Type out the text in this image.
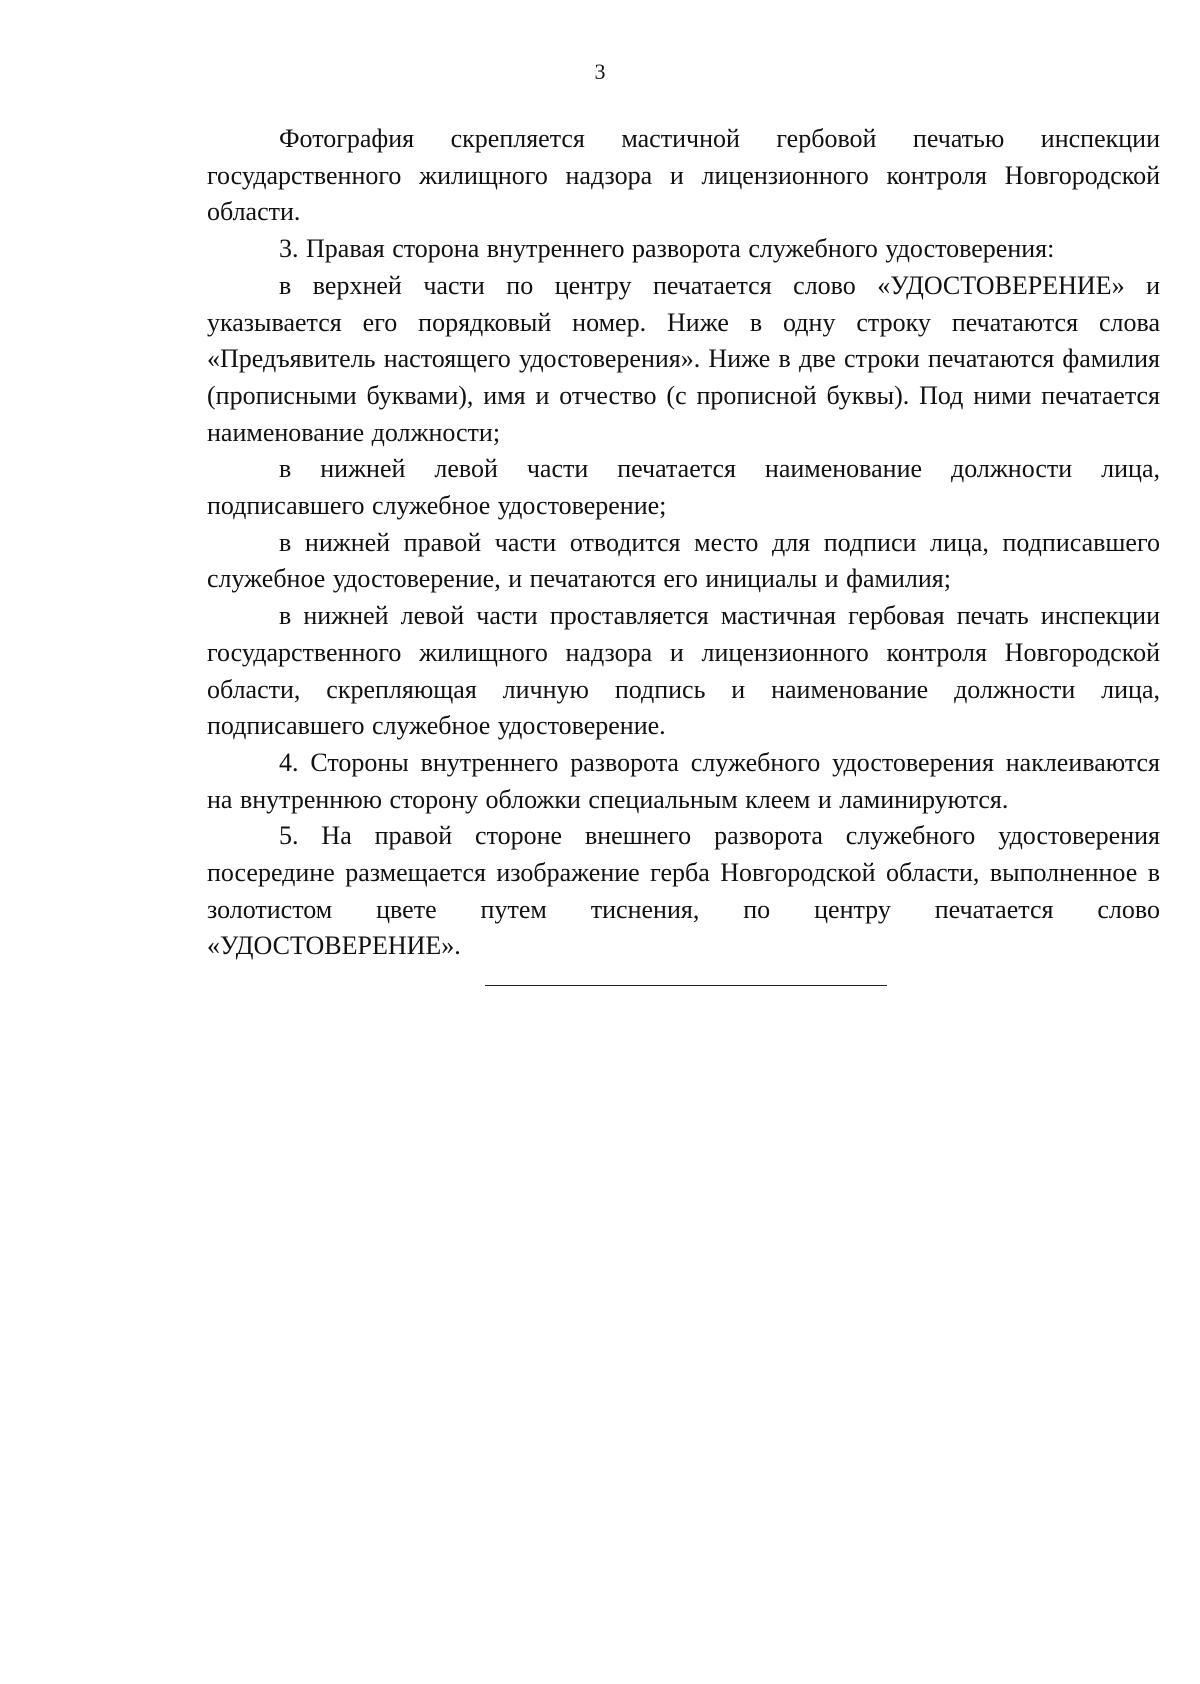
3

Фотография скрепляется мастичной гербовой печатью инспекции государственного жилищного надзора и лицензионного контроля Новгородской области.

3. Правая сторона внутреннего разворота служебного удостоверения:

в верхней части по центру печатается слово «УДОСТОВЕРЕНИЕ» и указывается его порядковый номер. Ниже в одну строку печатаются слова «Предъявитель настоящего удостоверения». Ниже в две строки печатаются фамилия (прописными буквами), имя и отчество (с прописной буквы). Под ними печатается наименование должности;

в нижней левой части печатается наименование должности лица, подписавшего служебное удостоверение;

в нижней правой части отводится место для подписи лица, подписавшего служебное удостоверение, и печатаются его инициалы и фамилия;

в нижней левой части проставляется мастичная гербовая печать инспекции государственного жилищного надзора и лицензионного контроля Новгородской области, скрепляющая личную подпись и наименование должности лица, подписавшего служебное удостоверение.

4. Стороны внутреннего разворота служебного удостоверения наклеиваются на внутреннюю сторону обложки специальным клеем и ламинируются.

5. На правой стороне внешнего разворота служебного удостоверения посередине размещается изображение герба Новгородской области, выполненное в золотистом цвете путем тиснения, по центру печатается слово «УДОСТОВЕРЕНИЕ».
